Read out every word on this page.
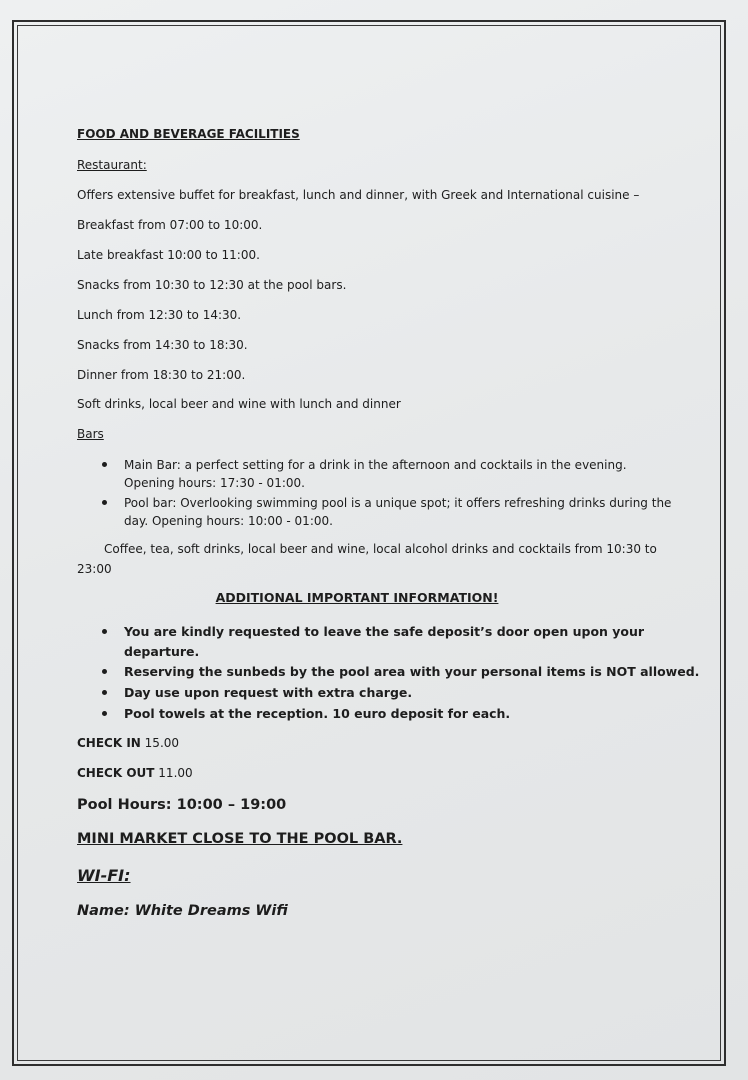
FOOD AND BEVERAGE FACILITIES
Restaurant:
Offers extensive buffet for breakfast, lunch and dinner, with Greek and International cuisine –
Breakfast from 07:00 to 10:00.
Late breakfast 10:00 to 11:00.
Snacks from 10:30 to 12:30 at the pool bars.
Lunch from 12:30 to 14:30.
Snacks from 14:30 to 18:30.
Dinner from 18:30 to 21:00.
Soft drinks, local beer and wine with lunch and dinner
Bars
Main Bar: a perfect setting for a drink in the afternoon and cocktails in the evening.
Opening hours: 17:30 - 01:00.
Pool bar: Overlooking swimming pool is a unique spot; it offers refreshing drinks during the
day. Opening hours: 10:00 - 01:00.
Coffee, tea, soft drinks, local beer and wine, local alcohol drinks and cocktails from 10:30 to
23:00
ADDITIONAL IMPORTANT INFORMATION!
You are kindly requested to leave the safe deposit’s door open upon your
departure.
Reserving the sunbeds by the pool area with your personal items is NOT allowed.
Day use upon request with extra charge.
Pool towels at the reception. 10 euro deposit for each.
CHECK IN 15.00
CHECK OUT 11.00
Pool Hours: 10:00 – 19:00
MINI MARKET CLOSE TO THE POOL BAR.
WI-FI:
Name: White Dreams Wifi
